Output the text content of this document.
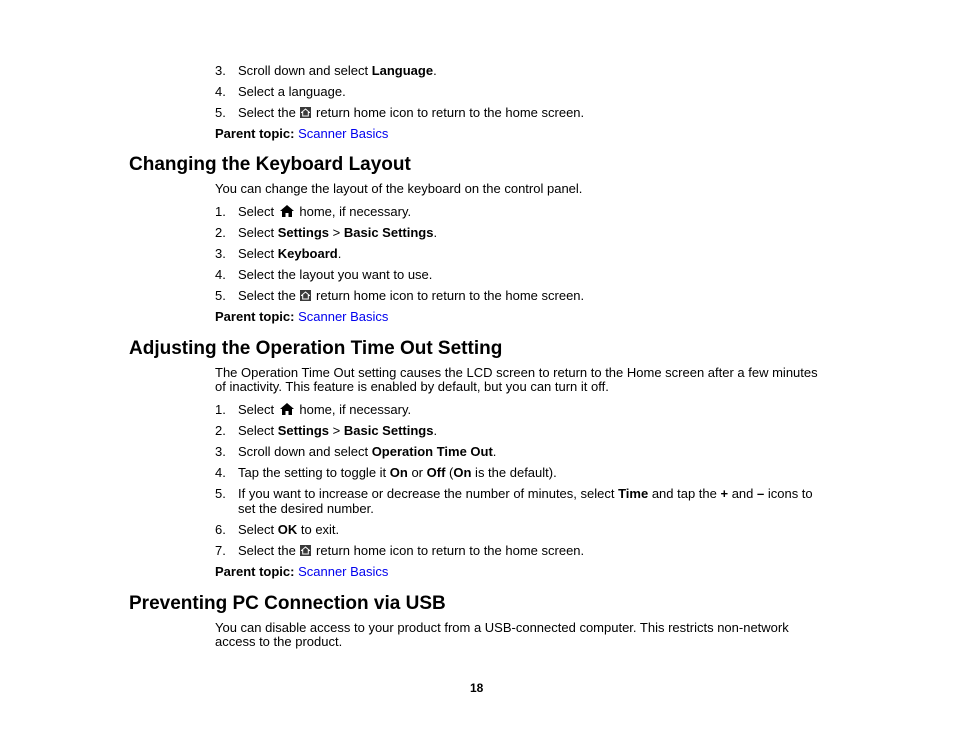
3. Scroll down and select Language.
4. Select a language.
5. Select the
return home icon to return to the home screen.
Parent topic: Scanner Basics
Changing the Keyboard Layout
You can change the layout of the keyboard on the control panel.
1. Select  home, if necessary.
2. Select Settings > Basic Settings.
3. Select Keyboard.
4. Select the layout you want to use.
5. Select the
return home icon to return to the home screen.
Parent topic: Scanner Basics
Adjusting the Operation Time Out Setting
The Operation Time Out setting causes the LCD screen to return to the Home screen after a few minutes
of inactivity. This feature is enabled by default, but you can turn it off.
1. Select  home, if necessary.
2. Select Settings > Basic Settings.
3. Scroll down and select Operation Time Out.
4. Tap the setting to toggle it On or Off (On is the default).
5. If you want to increase or decrease the number of minutes, select Time and tap the + and – icons to
set the desired number.
6. Select OK to exit.
7. Select the
return home icon to return to the home screen.
Parent topic: Scanner Basics
Preventing PC Connection via USB
You can disable access to your product from a USB-connected computer. This restricts non-network
access to the product.
18
